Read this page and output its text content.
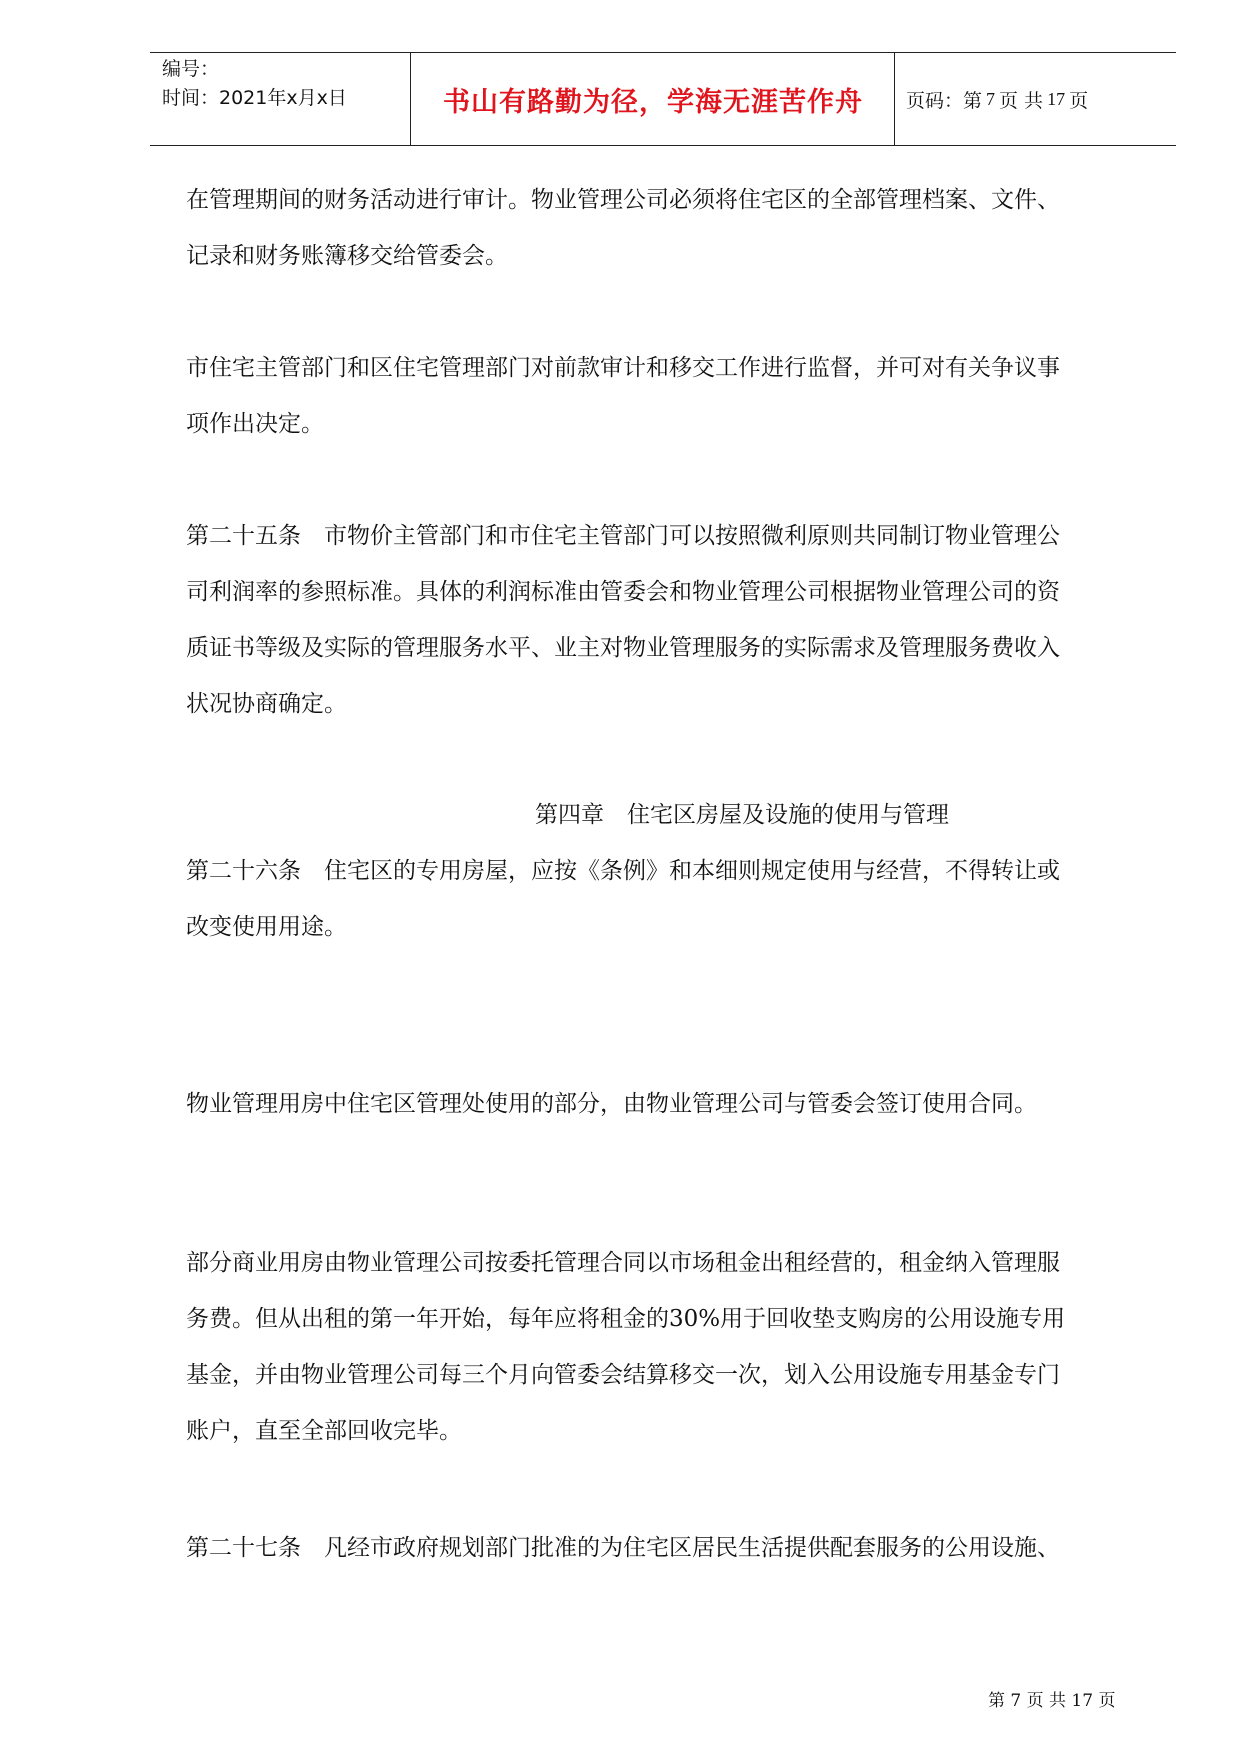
编号：
时间：2021年x月x日	书山有路勤为径，学海无涯苦作舟	页码：第 7 页 共 17 页

在管理期间的财务活动进行审计。物业管理公司必须将住宅区的全部管理档案、文件、
记录和财务账簿移交给管委会。

市住宅主管部门和区住宅管理部门对前款审计和移交工作进行监督，并可对有关争议事
项作出决定。

第二十五条　市物价主管部门和市住宅主管部门可以按照微利原则共同制订物业管理公
司利润率的参照标准。具体的利润标准由管委会和物业管理公司根据物业管理公司的资
质证书等级及实际的管理服务水平、业主对物业管理服务的实际需求及管理服务费收入
状况协商确定。

第四章　住宅区房屋及设施的使用与管理

第二十六条　住宅区的专用房屋，应按《条例》和本细则规定使用与经营，不得转让或
改变使用用途。

物业管理用房中住宅区管理处使用的部分，由物业管理公司与管委会签订使用合同。

部分商业用房由物业管理公司按委托管理合同以市场租金出租经营的，租金纳入管理服
务费。但从出租的第一年开始，每年应将租金的30%用于回收垫支购房的公用设施专用
基金，并由物业管理公司每三个月向管委会结算移交一次，划入公用设施专用基金专门
账户，直至全部回收完毕。

第二十七条　凡经市政府规划部门批准的为住宅区居民生活提供配套服务的公用设施、

第 7 页 共 17 页
